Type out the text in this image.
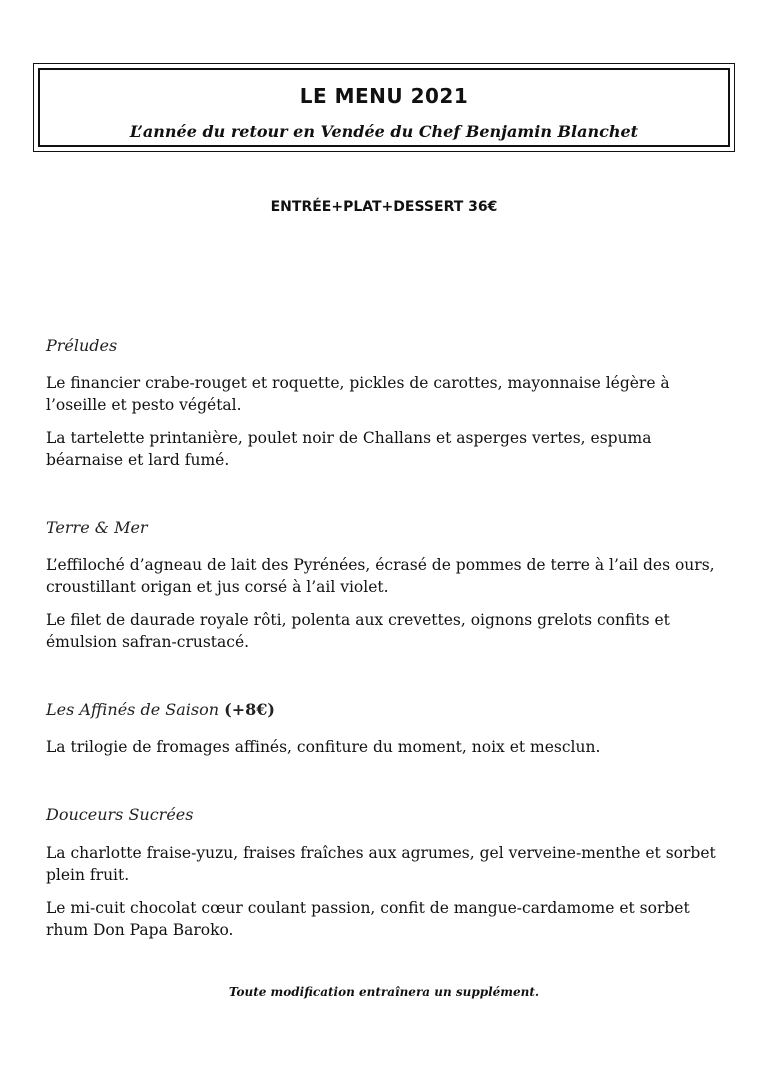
LE MENU 2021
L’année du retour en Vendée du Chef Benjamin Blanchet
ENTRÉE+PLAT+DESSERT 36€
Préludes
Le financier crabe-rouget et roquette, pickles de carottes, mayonnaise légère à l’oseille et pesto végétal.
La tartelette printanière, poulet noir de Challans et asperges vertes, espuma béarnaise et lard fumé.
Terre & Mer
L’effiloché d’agneau de lait des Pyrénées, écrasé de pommes de terre à l’ail des ours, croustillant origan et jus corsé à l’ail violet.
Le filet de daurade royale rôti, polenta aux crevettes, oignons grelots confits et émulsion safran-crustacé.
Les Affinés de Saison (+8€)
La trilogie de fromages affinés, confiture du moment, noix et mesclun.
Douceurs Sucrées
La charlotte fraise-yuzu, fraises fraîches aux agrumes, gel verveine-menthe et sorbet plein fruit.
Le mi-cuit chocolat cœur coulant passion, confit de mangue-cardamome et sorbet rhum Don Papa Baroko.
Toute modification entraînera un supplément.
